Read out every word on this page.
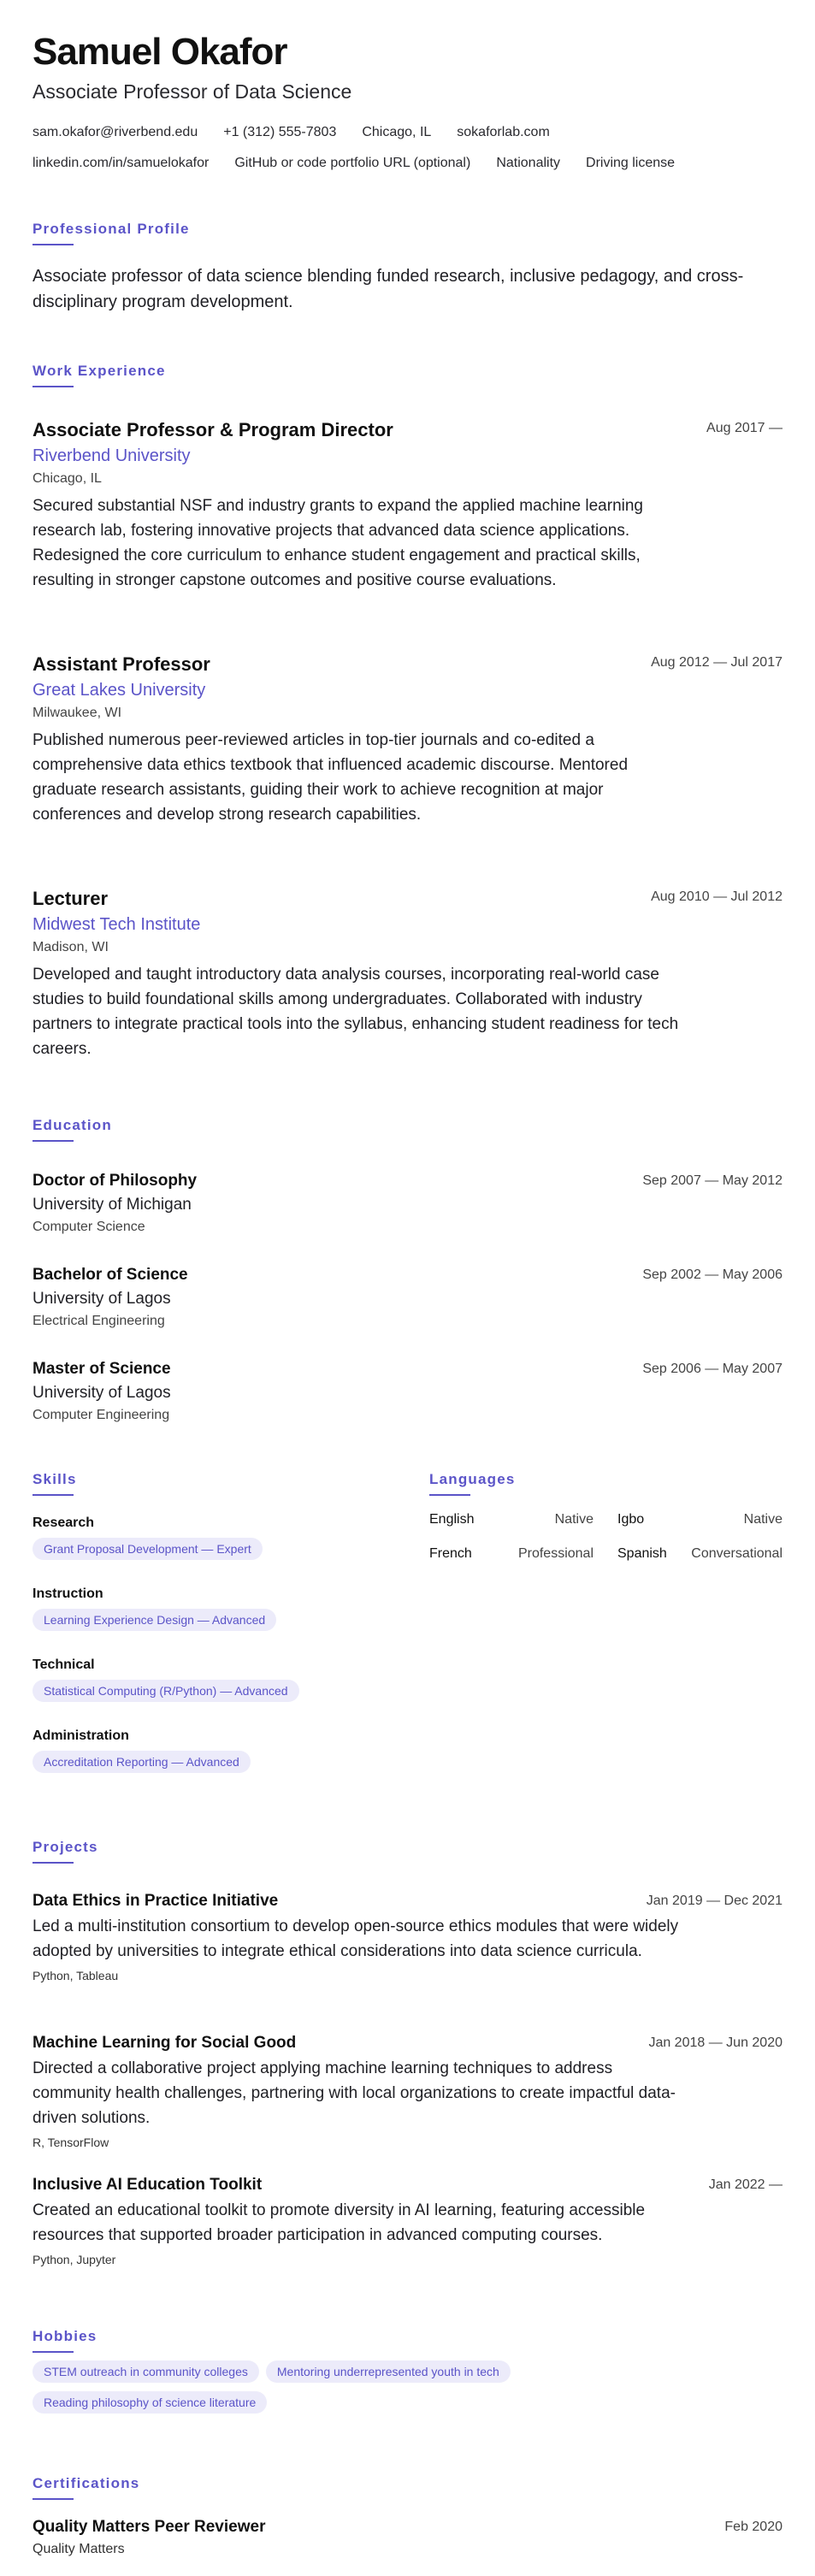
Samuel Okafor
Associate Professor of Data Science
sam.okafor@riverbend.edu +1 (312) 555-7803 Chicago, IL sokaforlab.com
linkedin.com/in/samuelokafor GitHub or code portfolio URL (optional) Nationality Driving license
Professional Profile
Associate professor of data science blending funded research, inclusive pedagogy, and cross-disciplinary program development.
Work Experience
Associate Professor & Program Director
Riverbend University
Chicago, IL
Secured substantial NSF and industry grants to expand the applied machine learning research lab, fostering innovative projects that advanced data science applications. Redesigned the core curriculum to enhance student engagement and practical skills, resulting in stronger capstone outcomes and positive course evaluations.
Aug 2017 —
Assistant Professor
Great Lakes University
Milwaukee, WI
Published numerous peer-reviewed articles in top-tier journals and co-edited a comprehensive data ethics textbook that influenced academic discourse. Mentored graduate research assistants, guiding their work to achieve recognition at major conferences and develop strong research capabilities.
Aug 2012 — Jul 2017
Lecturer
Midwest Tech Institute
Madison, WI
Developed and taught introductory data analysis courses, incorporating real-world case studies to build foundational skills among undergraduates. Collaborated with industry partners to integrate practical tools into the syllabus, enhancing student readiness for tech careers.
Aug 2010 — Jul 2012
Education
Doctor of Philosophy
University of Michigan
Computer Science
Sep 2007 — May 2012
Bachelor of Science
University of Lagos
Electrical Engineering
Sep 2002 — May 2006
Master of Science
University of Lagos
Computer Engineering
Sep 2006 — May 2007
Skills
Research
Grant Proposal Development — Expert
Instruction
Learning Experience Design — Advanced
Technical
Statistical Computing (R/Python) — Advanced
Administration
Accreditation Reporting — Advanced
Languages
English	Native Igbo	Native
French	Professional Spanish Conversational
Projects
Data Ethics in Practice Initiative
Led a multi-institution consortium to develop open-source ethics modules that were widely adopted by universities to integrate ethical considerations into data science curricula.
Python, Tableau
Jan 2019 — Dec 2021
Machine Learning for Social Good
Directed a collaborative project applying machine learning techniques to address community health challenges, partnering with local organizations to create impactful data-driven solutions.
R, TensorFlow
Jan 2018 — Jun 2020
Inclusive AI Education Toolkit
Created an educational toolkit to promote diversity in AI learning, featuring accessible resources that supported broader participation in advanced computing courses.
Python, Jupyter
Jan 2022 —
Hobbies
STEM outreach in community colleges Mentoring underrepresented youth in tech
Reading philosophy of science literature
Certifications
Quality Matters Peer Reviewer
Quality Matters
Feb 2020
